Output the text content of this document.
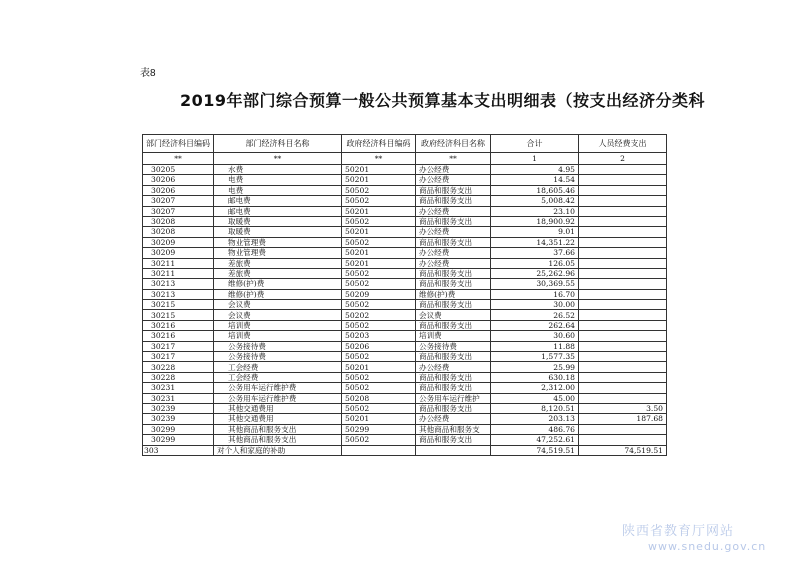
表8
2019年部门综合预算一般公共预算基本支出明细表（按支出经济分类科
部门经济科目编码	部门经济科目名称	政府经济科目编码	政府经济科目名称	合计	人员经费支出
**	**	**	**	1	2
30205	水费	50201	办公经费	4.95	
30206	电费	50201	办公经费	14.54	
30206	电费	50502	商品和服务支出	18,605.46	
30207	邮电费	50502	商品和服务支出	5,008.42	
30207	邮电费	50201	办公经费	23.10	
30208	取暖费	50502	商品和服务支出	18,900.92	
30208	取暖费	50201	办公经费	9.01	
30209	物业管理费	50502	商品和服务支出	14,351.22	
30209	物业管理费	50201	办公经费	37.66	
30211	差旅费	50201	办公经费	126.05	
30211	差旅费	50502	商品和服务支出	25,262.96	
30213	维修(护)费	50502	商品和服务支出	30,369.55	
30213	维修(护)费	50209	维修(护)费	16.70	
30215	会议费	50502	商品和服务支出	30.00	
30215	会议费	50202	会议费	26.52	
30216	培训费	50502	商品和服务支出	262.64	
30216	培训费	50203	培训费	30.60	
30217	公务接待费	50206	公务接待费	11.88	
30217	公务接待费	50502	商品和服务支出	1,577.35	
30228	工会经费	50201	办公经费	25.99	
30228	工会经费	50502	商品和服务支出	630.18	
30231	公务用车运行维护费	50502	商品和服务支出	2,312.00	
30231	公务用车运行维护费	50208	公务用车运行维护	45.00	
30239	其他交通费用	50502	商品和服务支出	8,120.51	3.50
30239	其他交通费用	50201	办公经费	203.13	187.68
30299	其他商品和服务支出	50299	其他商品和服务支	486.76	
30299	其他商品和服务支出	50502	商品和服务支出	47,252.61	
303	对个人和家庭的补助			74,519.51	74,519.51
陕西省教育厅网站
www.snedu.gov.cn
